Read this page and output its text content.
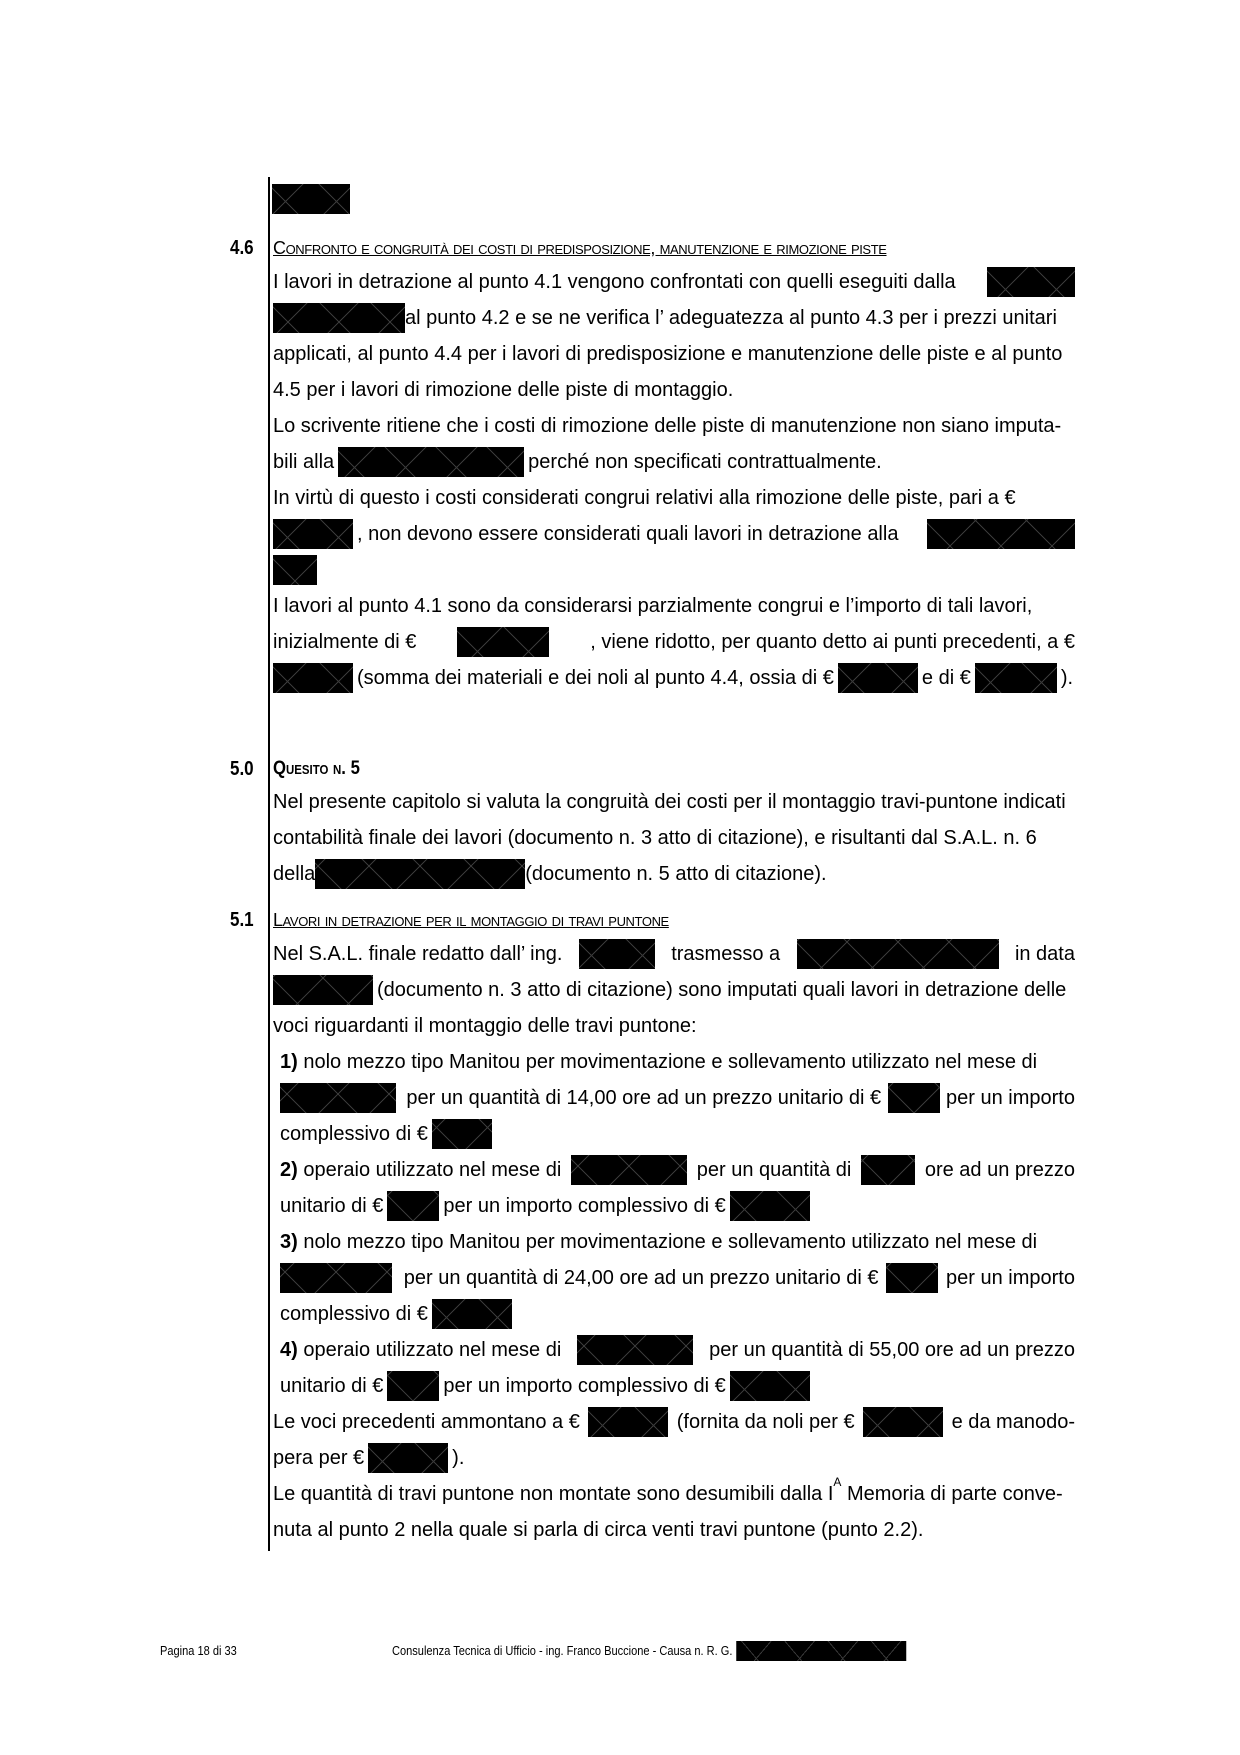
4.6 Confronto e congruità dei costi di predisposizione, manutenzione e rimozione piste
I lavori in detrazione al punto 4.1 vengono confrontati con quelli eseguiti dalla
al punto 4.2 e se ne verifica l’ adeguatezza al punto 4.3 per i prezzi unitari
applicati, al punto 4.4 per i lavori di predisposizione e manutenzione delle piste e al punto
4.5 per i lavori di rimozione delle piste di montaggio.
Lo scrivente ritiene che i costi di rimozione delle piste di manutenzione non siano imputa-
bili alla	perché non specificati contrattualmente.
In virtù di questo i costi considerati congrui relativi alla rimozione delle piste, pari a €
, non devono essere considerati quali lavori in detrazione alla
I lavori al punto 4.1 sono da considerarsi parzialmente congrui e l’importo di tali lavori,
inizialmente di €	, viene ridotto, per quanto detto ai punti precedenti, a €
(somma dei materiali e dei noli al punto 4.4, ossia di €	e di €	).
5.0 Quesito n. 5
Nel presente capitolo si valuta la congruità dei costi per il montaggio travi-puntone indicati
contabilità finale dei lavori (documento n. 3 atto di citazione), e risultanti dal S.A.L. n. 6
della	(documento n. 5 atto di citazione).
5.1 Lavori in detrazione per il montaggio di travi puntone
Nel S.A.L. finale redatto dall’ ing.	trasmesso a	in data
(documento n. 3 atto di citazione) sono imputati quali lavori in detrazione delle
voci riguardanti il montaggio delle travi puntone:
1) nolo mezzo tipo Manitou per movimentazione e sollevamento utilizzato nel mese di
per un quantità di 14,00 ore ad un prezzo unitario di €	per un importo
complessivo di €
2) operaio utilizzato nel mese di	per un quantità di	ore ad un prezzo
unitario di €	per un importo complessivo di €
3) nolo mezzo tipo Manitou per movimentazione e sollevamento utilizzato nel mese di
per un quantità di 24,00 ore ad un prezzo unitario di €	per un importo
complessivo di €
4) operaio utilizzato nel mese di	per un quantità di 55,00 ore ad un prezzo
unitario di €	per un importo complessivo di €
Le voci precedenti ammontano a €	(fornita da noli per €	e da manodo-
pera per €	).
Le quantità di travi puntone non montate sono desumibili dalla $I^A$ Memoria di parte conve-
nuta al punto 2 nella quale si parla di circa venti travi puntone (punto 2.2).
Pagina 18 di 33	Consulenza Tecnica di Ufficio - ing. Franco Buccione - Causa n. R. G.
